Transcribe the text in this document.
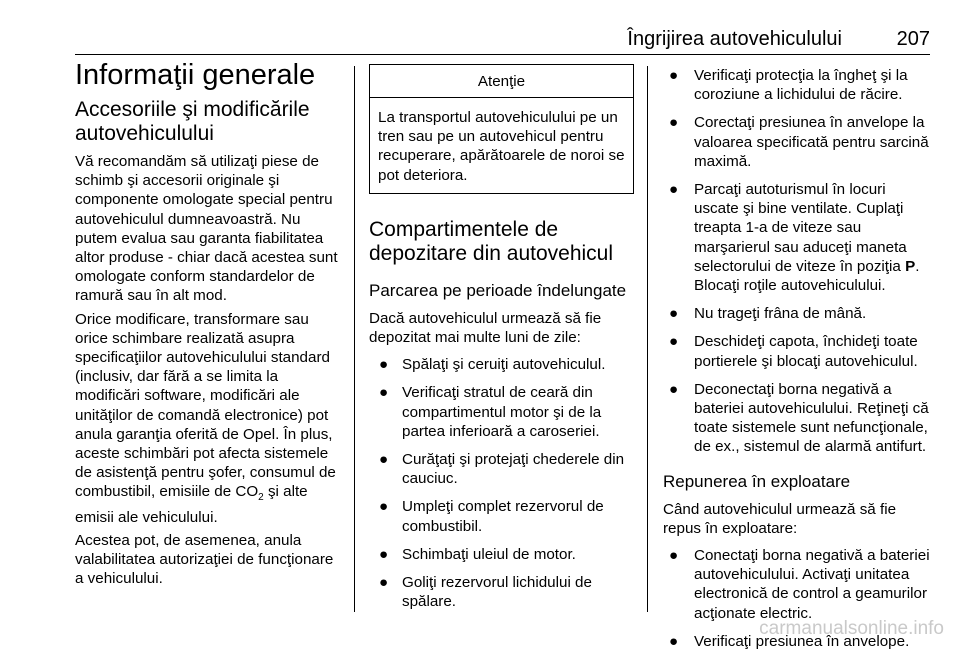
Îngrijirea autovehiculului	207
Informaţii generale
Accesoriile şi modificările autovehiculului

Vă recomandăm să utilizaţi piese de schimb şi accesorii originale şi componente omologate special pentru autovehiculul dumneavoastră. Nu putem evalua sau garanta fiabilitatea altor produse - chiar dacă acestea sunt omologate conform standardelor de ramură sau în alt mod.

Orice modificare, transformare sau orice schimbare realizată asupra specificaţiilor autovehiculului standard (inclusiv, dar fără a se limita la modificări software, modificări ale unităţilor de comandă electronice) pot anula garanţia oferită de Opel. În plus, aceste schimbări pot afecta sistemele de asistenţă pentru şofer, consumul de combustibil, emisiile de $CO_2$ şi alte emisii ale vehiculului.

Acestea pot, de asemenea, anula valabilitatea autorizaţiei de funcţionare a vehiculului.

Atenţie

La transportul autovehiculului pe un tren sau pe un autovehicul pentru recuperare, apărătoarele de noroi se pot deteriora.

Compartimentele de depozitare din autovehicul
Parcarea pe perioade îndelungate

Dacă autovehiculul urmează să fie depozitat mai multe luni de zile:

● Spălaţi şi ceruiţi autovehiculul.
● Verificaţi stratul de ceară din compartimentul motor şi de la partea inferioară a caroseriei.
● Curăţaţi şi protejaţi chederele din cauciuc.
● Umpleţi complet rezervorul de combustibil.
● Schimbaţi uleiul de motor.
● Goliţi rezervorul lichidului de spălare.
● Verificaţi protecţia la îngheţ şi la coroziune a lichidului de răcire.
● Corectaţi presiunea în anvelope la valoarea specificată pentru sarcină maximă.
● Parcaţi autoturismul în locuri uscate şi bine ventilate. Cuplaţi treapta 1-a de viteze sau marşarierul sau aduceţi maneta selectorului de viteze în poziţia P. Blocaţi roţile autovehiculului.
● Nu trageţi frâna de mână.
● Deschideţi capota, închideţi toate portierele şi blocaţi autovehiculul.
● Deconectaţi borna negativă a bateriei autovehiculului. Reţineţi că toate sistemele sunt nefuncţionale, de ex., sistemul de alarmă antifurt.
Repunerea în exploatare

Când autovehiculul urmează să fie repus în exploatare:

● Conectaţi borna negativă a bateriei autovehiculului. Activaţi unitatea electronică de control a geamurilor acţionate electric.
● Verificaţi presiunea în anvelope.
carmanualsonline.info
